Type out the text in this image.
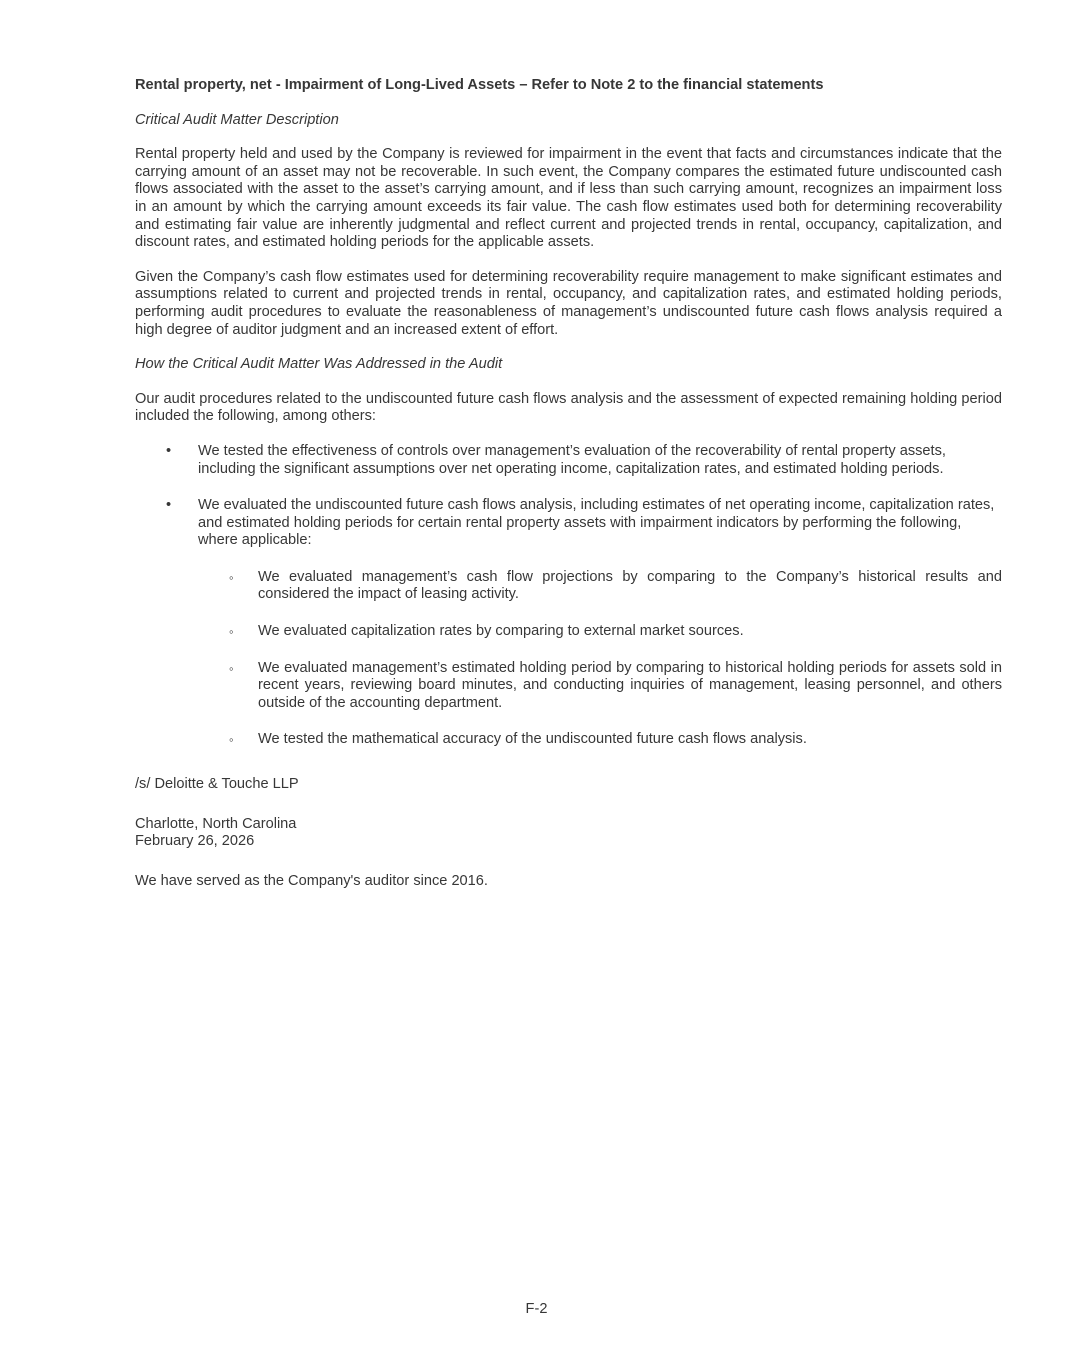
Rental property, net - Impairment of Long-Lived Assets – Refer to Note 2 to the financial statements

Critical Audit Matter Description

Rental property held and used by the Company is reviewed for impairment in the event that facts and circumstances indicate that the carrying amount of an asset may not be recoverable. In such event, the Company compares the estimated future undiscounted cash flows associated with the asset to the asset’s carrying amount, and if less than such carrying amount, recognizes an impairment loss in an amount by which the carrying amount exceeds its fair value. The cash flow estimates used both for determining recoverability and estimating fair value are inherently judgmental and reflect current and projected trends in rental, occupancy, capitalization, and discount rates, and estimated holding periods for the applicable assets.

Given the Company’s cash flow estimates used for determining recoverability require management to make significant estimates and assumptions related to current and projected trends in rental, occupancy, and capitalization rates, and estimated holding periods, performing audit procedures to evaluate the reasonableness of management’s undiscounted future cash flows analysis required a high degree of auditor judgment and an increased extent of effort.

How the Critical Audit Matter Was Addressed in the Audit

Our audit procedures related to the undiscounted future cash flows analysis and the assessment of expected remaining holding period included the following, among others:

• We tested the effectiveness of controls over management’s evaluation of the recoverability of rental property assets, including the significant assumptions over net operating income, capitalization rates, and estimated holding periods.
• We evaluated the undiscounted future cash flows analysis, including estimates of net operating income, capitalization rates, and estimated holding periods for certain rental property assets with impairment indicators by performing the following, where applicable:
◦ We evaluated management’s cash flow projections by comparing to the Company’s historical results and considered the impact of leasing activity.
◦ We evaluated capitalization rates by comparing to external market sources.
◦ We evaluated management’s estimated holding period by comparing to historical holding periods for assets sold in recent years, reviewing board minutes, and conducting inquiries of management, leasing personnel, and others outside of the accounting department.
◦ We tested the mathematical accuracy of the undiscounted future cash flows analysis.

/s/ Deloitte & Touche LLP

Charlotte, North Carolina
February 26, 2026

We have served as the Company's auditor since 2016.

F-2
